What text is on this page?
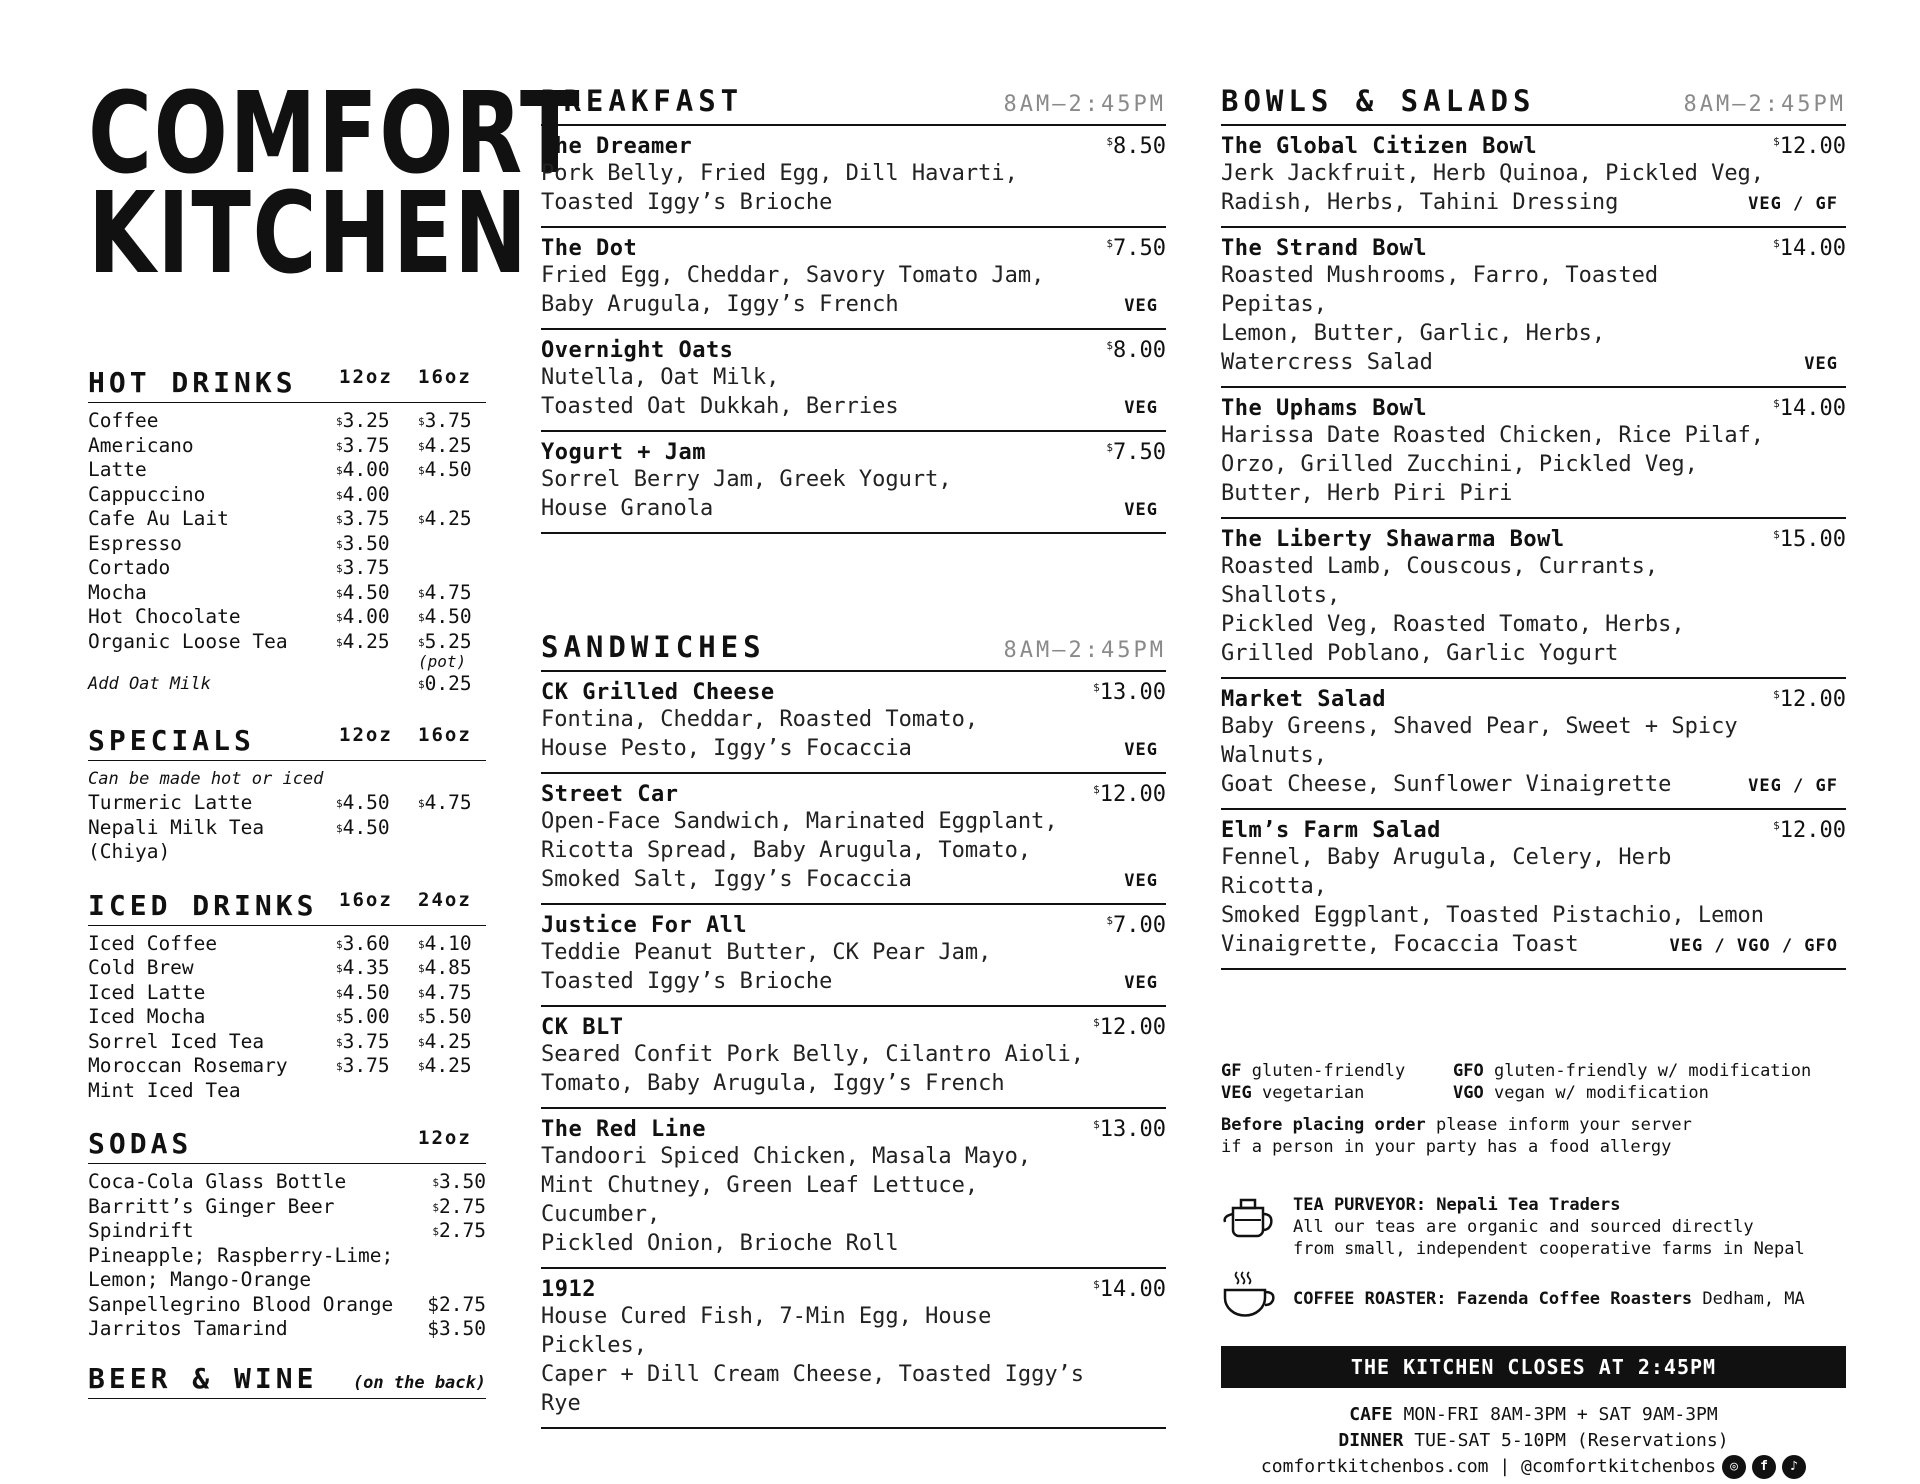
COMFORT
KITCHEN
HOT DRINKS 12oz 16oz
Coffee	$3.25	$3.75
Americano	$3.75	$4.25
Latte	$4.00	$4.50
Cappuccino	$4.00
Cafe Au Lait	$3.75	$4.25
Espresso	$3.50
Cortado	$3.75
Mocha	$4.50	$4.75
Hot Chocolate	$4.00	$4.50
Organic Loose Tea	$4.25	$5.25
(pot)
Add Oat Milk	$0.25
SPECIALS	12oz 16oz
Can be made hot or iced
Turmeric Latte	$4.50	$4.75
Nepali Milk Tea	$4.50
(Chiya)
ICED DRINKS 16oz 24oz
Iced Coffee	$3.60	$4.10
Cold Brew	$4.35	$4.85
Iced Latte	$4.50	$4.75
Iced Mocha	$5.00	$5.50
Sorrel Iced Tea	$3.75	$4.25
Moroccan Rosemary	$3.75	$4.25
Mint Iced Tea
SODAS	12oz
Coca-Cola Glass Bottle	$3.50
Barritt’s Ginger Beer	$2.75
Spindrift	$2.75
Pineapple; Raspberry-Lime;
Lemon; Mango-Orange
Sanpellegrino Blood Orange $2.75
Jarritos Tamarind	$3.50
BEER & WINE (on the back)
BREAKFAST	8AM–2:45PM
The Dreamer	$8.50
Pork Belly, Fried Egg, Dill Havarti,
Toasted Iggy’s Brioche
The Dot	$7.50
Fried Egg, Cheddar, Savory Tomato Jam,
Baby Arugula, Iggy’s French	VEG
Overnight Oats	$8.00
Nutella, Oat Milk,
Toasted Oat Dukkah, Berries	VEG
Yogurt + Jam	$7.50
Sorrel Berry Jam, Greek Yogurt,
House Granola	VEG
SANDWICHES	8AM–2:45PM
CK Grilled Cheese	$13.00
Fontina, Cheddar, Roasted Tomato,
House Pesto, Iggy’s Focaccia	VEG
Street Car	$12.00
Open-Face Sandwich, Marinated Eggplant,
Ricotta Spread, Baby Arugula, Tomato,
Smoked Salt, Iggy’s Focaccia	VEG
Justice For All	$7.00
Teddie Peanut Butter, CK Pear Jam,
Toasted Iggy’s Brioche	VEG
CK BLT	$12.00
Seared Confit Pork Belly, Cilantro Aioli,
Tomato, Baby Arugula, Iggy’s French
The Red Line	$13.00
Tandoori Spiced Chicken, Masala Mayo,
Mint Chutney, Green Leaf Lettuce, Cucumber,
Pickled Onion, Brioche Roll
1912	$14.00
House Cured Fish, 7-Min Egg, House Pickles,
Caper + Dill Cream Cheese, Toasted Iggy’s Rye
BOWLS & SALADS	8AM–2:45PM
The Global Citizen Bowl	$12.00
Jerk Jackfruit, Herb Quinoa, Pickled Veg,
Radish, Herbs, Tahini Dressing	VEG / GF
The Strand Bowl	$14.00
Roasted Mushrooms, Farro, Toasted Pepitas,
Lemon, Butter, Garlic, Herbs,
Watercress Salad	VEG
The Uphams Bowl	$14.00
Harissa Date Roasted Chicken, Rice Pilaf,
Orzo, Grilled Zucchini, Pickled Veg,
Butter, Herb Piri Piri
The Liberty Shawarma Bowl	$15.00
Roasted Lamb, Couscous, Currants, Shallots,
Pickled Veg, Roasted Tomato, Herbs,
Grilled Poblano, Garlic Yogurt
Market Salad	$12.00
Baby Greens, Shaved Pear, Sweet + Spicy Walnuts,
Goat Cheese, Sunflower Vinaigrette	VEG / GF
Elm’s Farm Salad	$12.00
Fennel, Baby Arugula, Celery, Herb Ricotta,
Smoked Eggplant, Toasted Pistachio, Lemon
Vinaigrette, Focaccia Toast	VEG / VGO / GFO
GF gluten-friendly	GFO gluten-friendly w/ modification
VEG vegetarian	VGO vegan w/ modification
Before placing order please inform your server
if a person in your party has a food allergy
TEA PURVEYOR: Nepali Tea Traders
All our teas are organic and sourced directly
from small, independent cooperative farms in Nepal
COFFEE ROASTER: Fazenda Coffee Roasters Dedham, MA
THE KITCHEN CLOSES AT 2:45PM
CAFE MON-FRI 8AM-3PM + SAT 9AM-3PM
DINNER TUE-SAT 5-10PM (Reservations)
comfortkitchenbos.com | @comfortkitchenbos	◎	f	♪
